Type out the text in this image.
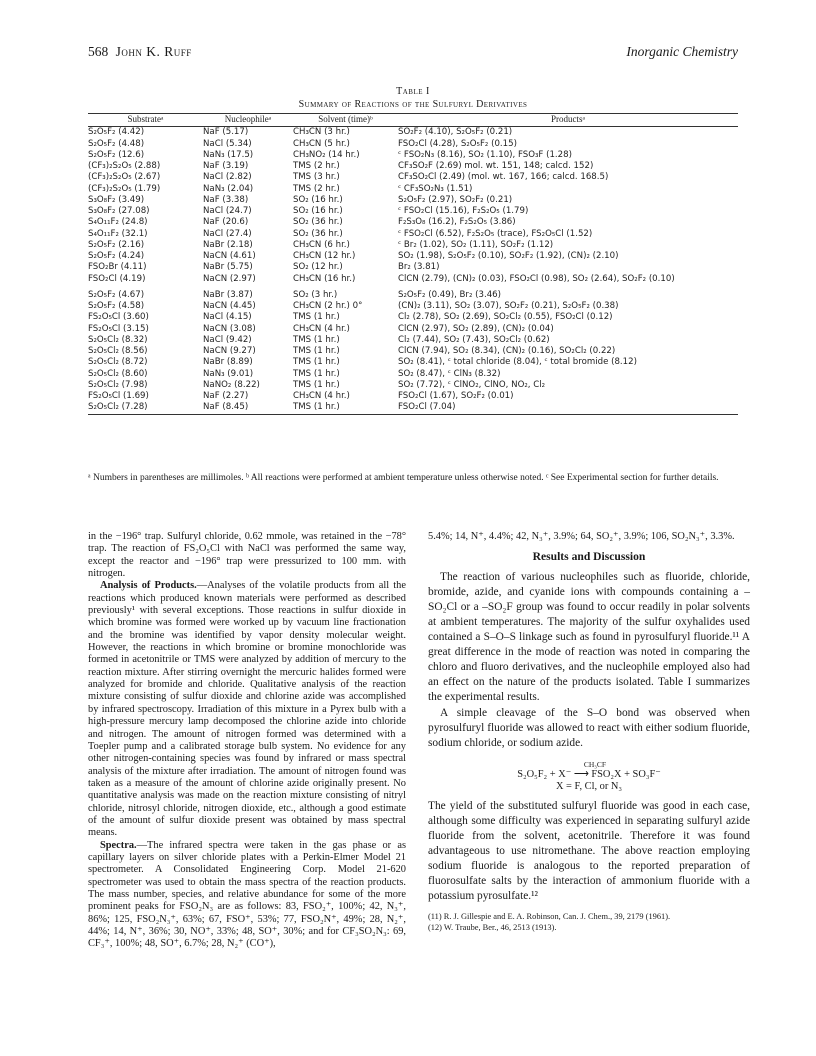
568 John K. Ruff	Inorganic Chemistry
Table I
Summary of Reactions of the Sulfuryl Derivatives
Substrateᵃ	Nucleophileᵃ	Solvent (time)ᵇ	Productsᵃ
S₂O₅F₂ (4.42)	NaF (5.17)	CH₃CN (3 hr.)	SO₂F₂ (4.10), S₂O₅F₂ (0.21)
S₂O₅F₂ (4.48)	NaCl (5.34)	CH₃CN (5 hr.)	FSO₂Cl (4.28), S₂O₅F₂ (0.15)
S₂O₅F₂ (12.6)	NaN₃ (17.5)	CH₃NO₂ (14 hr.)	ᶜ FSO₂N₃ (8.16), SO₂ (1.10), FSO₃F (1.28)
(CF₃)₂S₂O₅ (2.88)	NaF (3.19)	TMS (2 hr.)	CF₃SO₂F (2.69) mol. wt. 151, 148; calcd. 152)
(CF₃)₂S₂O₅ (2.67)	NaCl (2.82)	TMS (3 hr.)	CF₃SO₂Cl (2.49) (mol. wt. 167, 166; calcd. 168.5)
(CF₃)₂S₂O₅ (1.79)	NaN₃ (2.04)	TMS (2 hr.)	ᶜ CF₃SO₂N₃ (1.51)
S₃O₈F₂ (3.49)	NaF (3.38)	SO₂ (16 hr.)	S₂O₅F₂ (2.97), SO₂F₂ (0.21)
S₃O₈F₂ (27.08)	NaCl (24.7)	SO₂ (16 hr.)	ᶜ FSO₂Cl (15.16), F₂S₂O₅ (1.79)
S₄O₁₁F₂ (24.8)	NaF (20.6)	SO₂ (36 hr.)	F₂S₃O₈ (16.2), F₂S₂O₅ (3.86)
S₄O₁₁F₂ (32.1)	NaCl (27.4)	SO₂ (36 hr.)	ᶜ FSO₂Cl (6.52), F₂S₂O₅ (trace), FS₂O₅Cl (1.52)
S₂O₅F₂ (2.16)	NaBr (2.18)	CH₃CN (6 hr.)	ᶜ Br₂ (1.02), SO₂ (1.11), SO₂F₂ (1.12)
S₂O₅F₂ (4.24)	NaCN (4.61)	CH₃CN (12 hr.)	SO₂ (1.98), S₂O₅F₂ (0.10), SO₂F₂ (1.92), (CN)₂ (2.10)
FSO₂Br (4.11)	NaBr (5.75)	SO₂ (12 hr.)	Br₂ (3.81)
FSO₂Cl (4.19)	NaCN (2.97)	CH₃CN (16 hr.)	ClCN (2.79), (CN)₂ (0.03), FSO₂Cl (0.98), SO₂ (2.64), SO₂F₂ (0.10)
S₂O₅F₂ (4.67)	NaBr (3.87)	SO₂ (3 hr.)	S₂O₅F₂ (0.49), Br₂ (3.46)
S₂O₅F₂ (4.58)	NaCN (4.45)	CH₃CN (2 hr.) 0°	(CN)₂ (3.11), SO₂ (3.07), SO₂F₂ (0.21), S₂O₅F₂ (0.38)
FS₂O₅Cl (3.60)	NaCl (4.15)	TMS (1 hr.)	Cl₂ (2.78), SO₂ (2.69), SO₂Cl₂ (0.55), FSO₂Cl (0.12)
FS₂O₅Cl (3.15)	NaCN (3.08)	CH₃CN (4 hr.)	ClCN (2.97), SO₂ (2.89), (CN)₂ (0.04)
S₂O₅Cl₂ (8.32)	NaCl (9.42)	TMS (1 hr.)	Cl₂ (7.44), SO₂ (7.43), SO₂Cl₂ (0.62)
S₂O₅Cl₂ (8.56)	NaCN (9.27)	TMS (1 hr.)	ClCN (7.94), SO₂ (8.34), (CN)₂ (0.16), SO₂Cl₂ (0.22)
S₂O₅Cl₂ (8.72)	NaBr (8.89)	TMS (1 hr.)	SO₂ (8.41), ᶜ total chloride (8.04), ᶜ total bromide (8.12)
S₂O₅Cl₂ (8.60)	NaN₃ (9.01)	TMS (1 hr.)	SO₂ (8.47), ᶜ ClN₃ (8.32)
S₂O₅Cl₂ (7.98)	NaNO₂ (8.22)	TMS (1 hr.)	SO₂ (7.72), ᶜ ClNO₂, ClNO, NO₂, Cl₂
FS₂O₅Cl (1.69)	NaF (2.27)	CH₃CN (4 hr.)	FSO₂Cl (1.67), SO₂F₂ (0.01)
S₂O₅Cl₂ (7.28)	NaF (8.45)	TMS (1 hr.)	FSO₂Cl (7.04)
ᵃ Numbers in parentheses are millimoles. ᵇ All reactions were performed at ambient temperature unless otherwise noted. ᶜ See Experimental section for further details.

in the −196° trap. Sulfuryl chloride, 0.62 mmole, was retained in the −78° trap. The reaction of FS₂O₅Cl with NaCl was performed the same way, except the reactor and −196° trap were pressurized to 100 mm. with nitrogen.

Analysis of Products.—Analyses of the volatile products from all the reactions which produced known materials were performed as described previously¹ with several exceptions. Those reactions in sulfur dioxide in which bromine was formed were worked up by vacuum line fractionation and the bromine was identified by vapor density molecular weight. However, the reactions in which bromine or bromine monochloride was formed in acetonitrile or TMS were analyzed by addition of mercury to the reaction mixture. After stirring overnight the mercuric halides formed were analyzed for bromide and chloride. Qualitative analysis of the reaction mixture consisting of sulfur dioxide and chlorine azide was accomplished by infrared spectroscopy. Irradiation of this mixture in a Pyrex bulb with a high-pressure mercury lamp decomposed the chlorine azide into chloride and nitrogen. The amount of nitrogen formed was determined with a Toepler pump and a calibrated storage bulb system. No evidence for any other nitrogen-containing species was found by infrared or mass spectral analysis of the mixture after irradiation. The amount of nitrogen found was taken as a measure of the amount of chlorine azide originally present. No quantitative analysis was made on the reaction mixture consisting of nitryl chloride, nitrosyl chloride, nitrogen dioxide, etc., although a good estimate of the amount of sulfur dioxide present was obtained by mass spectral means.

Spectra.—The infrared spectra were taken in the gas phase or as capillary layers on silver chloride plates with a Perkin-Elmer Model 21 spectrometer. A Consolidated Engineering Corp. Model 21-620 spectrometer was used to obtain the mass spectra of the reaction products. The mass number, species, and relative abundance for some of the more prominent peaks for FSO₂N₃ are as follows: 83, FSO₂⁺, 100%; 42, N₃⁺, 86%; 125, FSO₂N₃⁺, 63%; 67, FSO⁺, 53%; 77, FSO₂N⁺, 49%; 28, N₂⁺, 44%; 14, N⁺, 36%; 30, NO⁺, 33%; 48, SO⁺, 30%; and for CF₃SO₂N₃: 69, CF₃⁺, 100%; 48, SO⁺, 6.7%; 28, N₂⁺ (CO⁺),

5.4%; 14, N⁺, 4.4%; 42, N₃⁺, 3.9%; 64, SO₂⁺, 3.9%; 106, SO₂N₃⁺, 3.3%.

Results and Discussion

The reaction of various nucleophiles such as fluoride, chloride, bromide, azide, and cyanide ions with compounds containing a –SO₂Cl or a –SO₂F group was found to occur readily in polar solvents at ambient temperatures. The majority of the sulfur oxyhalides used contained a S–O–S linkage such as found in pyrosulfuryl fluoride.¹¹ A great difference in the mode of reaction was noted in comparing the chloro and fluoro derivatives, and the nucleophile employed also had an effect on the nature of the products isolated. Table I summarizes the experimental results.

A simple cleavage of the S–O bond was observed when pyrosulfuryl fluoride was allowed to react with either sodium fluoride, sodium chloride, or sodium azide.

CH₃CF
S₂O₅F₂ + X⁻ ⟶ FSO₂X + SO₃F⁻
X = F, Cl, or N₃

The yield of the substituted sulfuryl fluoride was good in each case, although some difficulty was experienced in separating sulfuryl azide fluoride from the solvent, acetonitrile. Therefore it was found advantageous to use nitromethane. The above reaction employing sodium fluoride is analogous to the reported preparation of fluorosulfate salts by the interaction of ammonium fluoride with a potassium pyrosulfate.¹²

(11) R. J. Gillespie and E. A. Robinson, Can. J. Chem., 39, 2179 (1961).
(12) W. Traube, Ber., 46, 2513 (1913).
